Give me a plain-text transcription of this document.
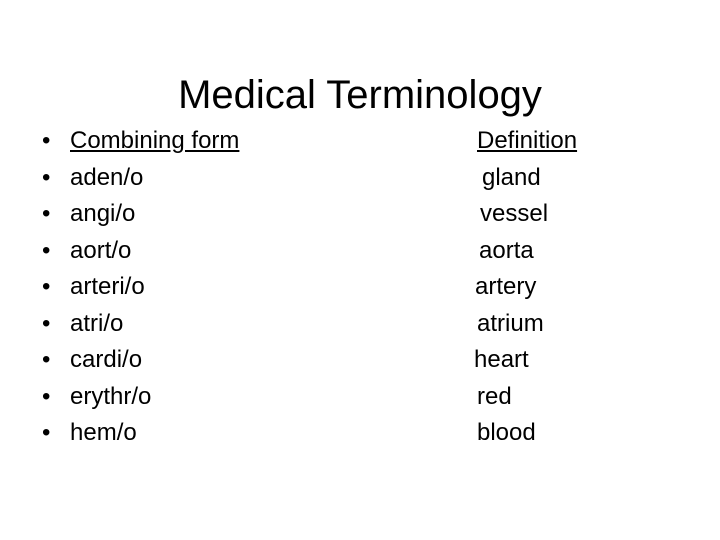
Medical Terminology
• Combining form	Definition
• aden/o	gland
• angi/o	vessel
• aort/o	aorta
• arteri/o	artery
• atri/o	atrium
• cardi/o	heart
• erythr/o	red
• hem/o	blood
